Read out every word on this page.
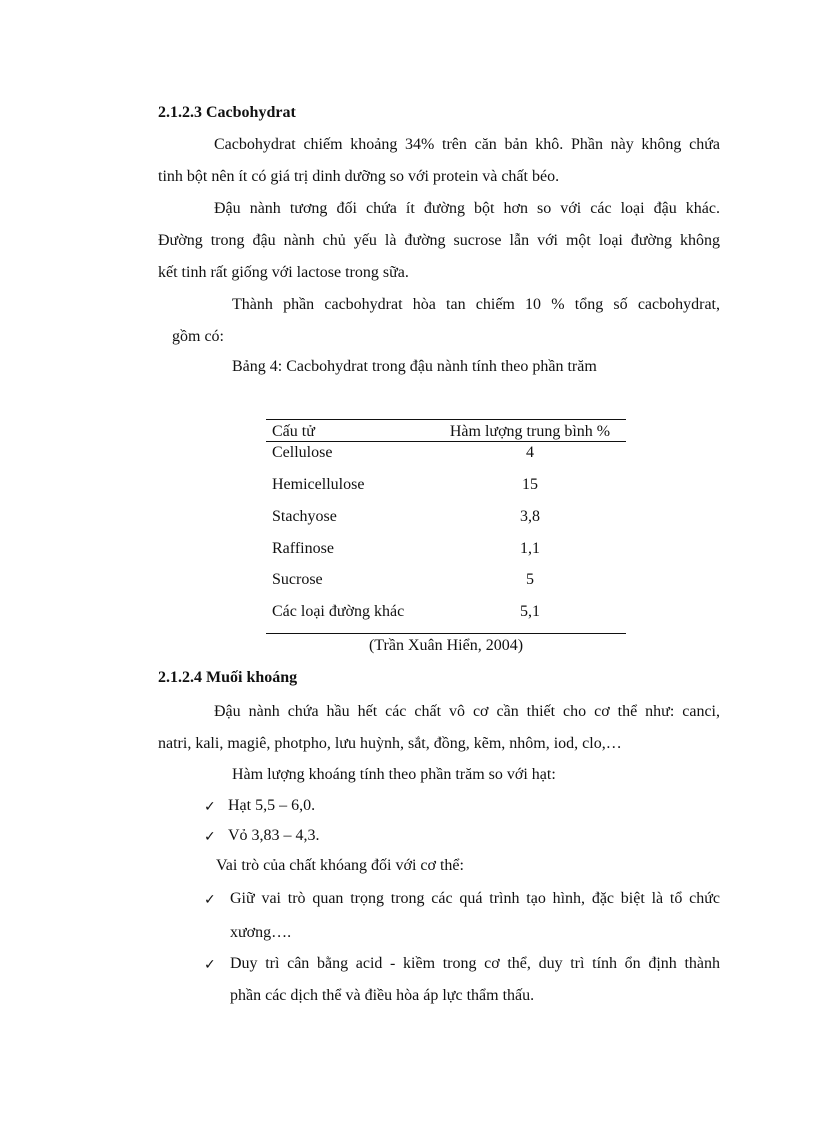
2.1.2.3 Cacbohydrat
Cacbohydrat chiếm khoảng 34% trên căn bản khô. Phần này không chứa
tinh bột nên ít có giá trị dinh dưỡng so với protein và chất béo.
Đậu nành tương đối chứa ít đường bột hơn so với các loại đậu khác.
Đường trong đậu nành chủ yếu là đường sucrose lẫn với một loại đường không
kết tinh rất giống với lactose trong sữa.
Thành phần cacbohydrat hòa tan chiếm 10 % tổng số cacbohydrat,
gồm có:
Bảng 4: Cacbohydrat trong đậu nành tính theo phần trăm
Cấu tử	Hàm lượng trung bình %
Cellulose	4
Hemicellulose	15
Stachyose	3,8
Raffinose	1,1
Sucrose	5
Các loại đường khác	5,1
(Trần Xuân Hiển, 2004)
2.1.2.4 Muối khoáng
Đậu nành chứa hầu hết các chất vô cơ cần thiết cho cơ thể như: canci,
natri, kali, magiê, photpho, lưu huỳnh, sắt, đồng, kẽm, nhôm, iod, clo,…
Hàm lượng khoáng tính theo phần trăm so với hạt:
✓ Hạt 5,5 – 6,0.
✓ Vỏ 3,83 – 4,3.
Vai trò của chất khóang đối với cơ thể:
✓ Giữ vai trò quan trọng trong các quá trình tạo hình, đặc biệt là tổ chức
xương….
✓ Duy trì cân bằng acid - kiềm trong cơ thể, duy trì tính ổn định thành
phần các dịch thể và điều hòa áp lực thẩm thấu.
